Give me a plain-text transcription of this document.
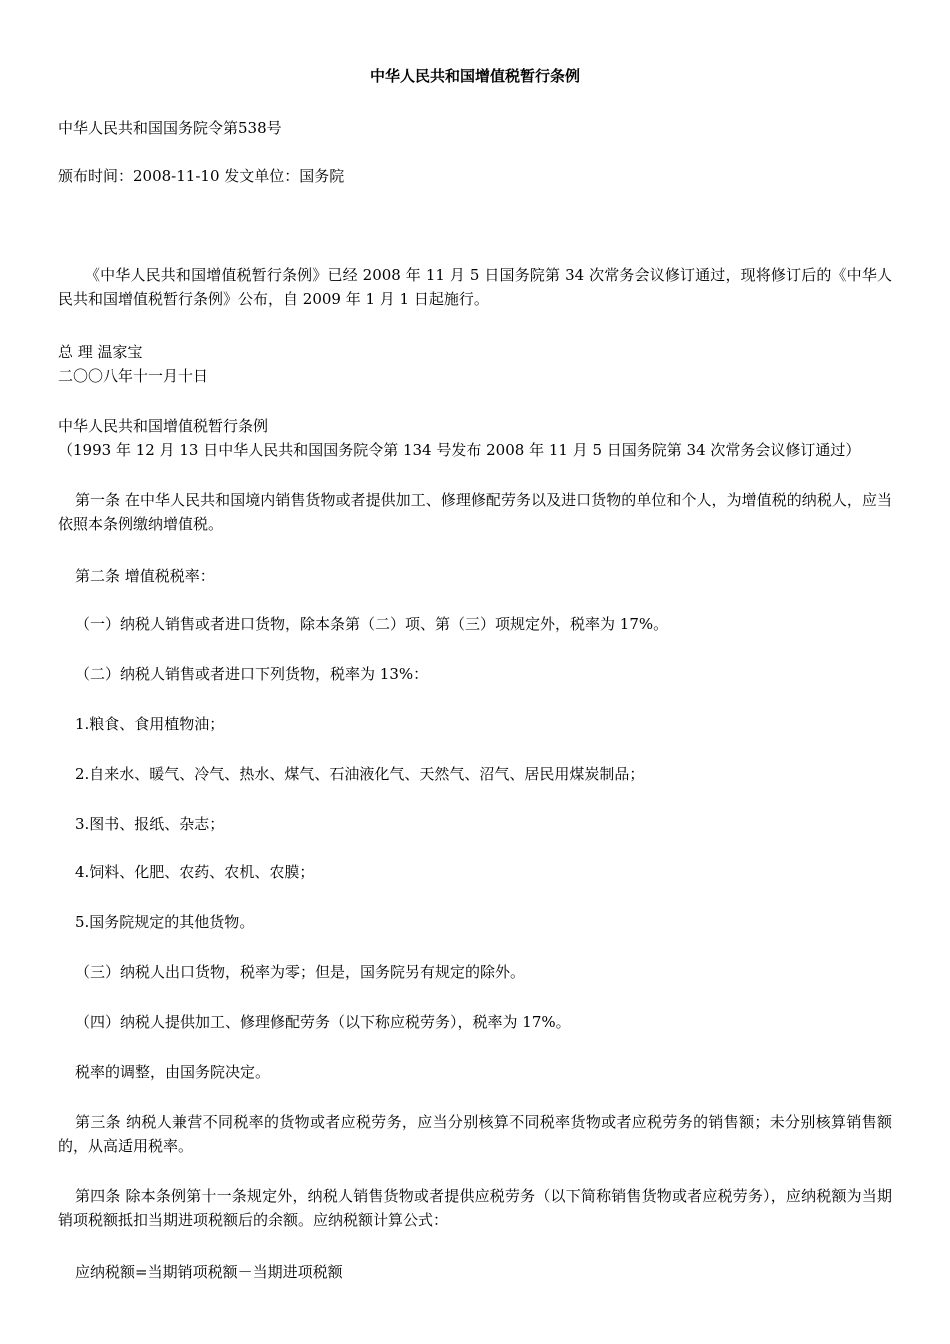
中华人民共和国增值税暂行条例
中华人民共和国国务院令第538号
颁布时间：2008-11-10 发文单位：国务院
《中华人民共和国增值税暂行条例》已经 2008 年 11 月 5 日国务院第 34 次常务会议修订通过，现将修订后的《中华人民共和国增值税暂行条例》公布，自 2009 年 1 月 1 日起施行。
总 理 温家宝
二〇〇八年十一月十日
中华人民共和国增值税暂行条例
（1993 年 12 月 13 日中华人民共和国国务院令第 134 号发布 2008 年 11 月 5 日国务院第 34 次常务会议修订通过）
第一条 在中华人民共和国境内销售货物或者提供加工、修理修配劳务以及进口货物的单位和个人，为增值税的纳税人，应当依照本条例缴纳增值税。
第二条 增值税税率：
（一）纳税人销售或者进口货物，除本条第（二）项、第（三）项规定外，税率为 17%。
（二）纳税人销售或者进口下列货物，税率为 13%：
1.粮食、食用植物油；
2.自来水、暖气、冷气、热水、煤气、石油液化气、天然气、沼气、居民用煤炭制品；
3.图书、报纸、杂志；
4.饲料、化肥、农药、农机、农膜；
5.国务院规定的其他货物。
（三）纳税人出口货物，税率为零；但是，国务院另有规定的除外。
（四）纳税人提供加工、修理修配劳务（以下称应税劳务），税率为 17%。
税率的调整，由国务院决定。
第三条 纳税人兼营不同税率的货物或者应税劳务，应当分别核算不同税率货物或者应税劳务的销售额；未分别核算销售额的，从高适用税率。
第四条 除本条例第十一条规定外，纳税人销售货物或者提供应税劳务（以下简称销售货物或者应税劳务），应纳税额为当期销项税额抵扣当期进项税额后的余额。应纳税额计算公式：
应纳税额=当期销项税额－当期进项税额
